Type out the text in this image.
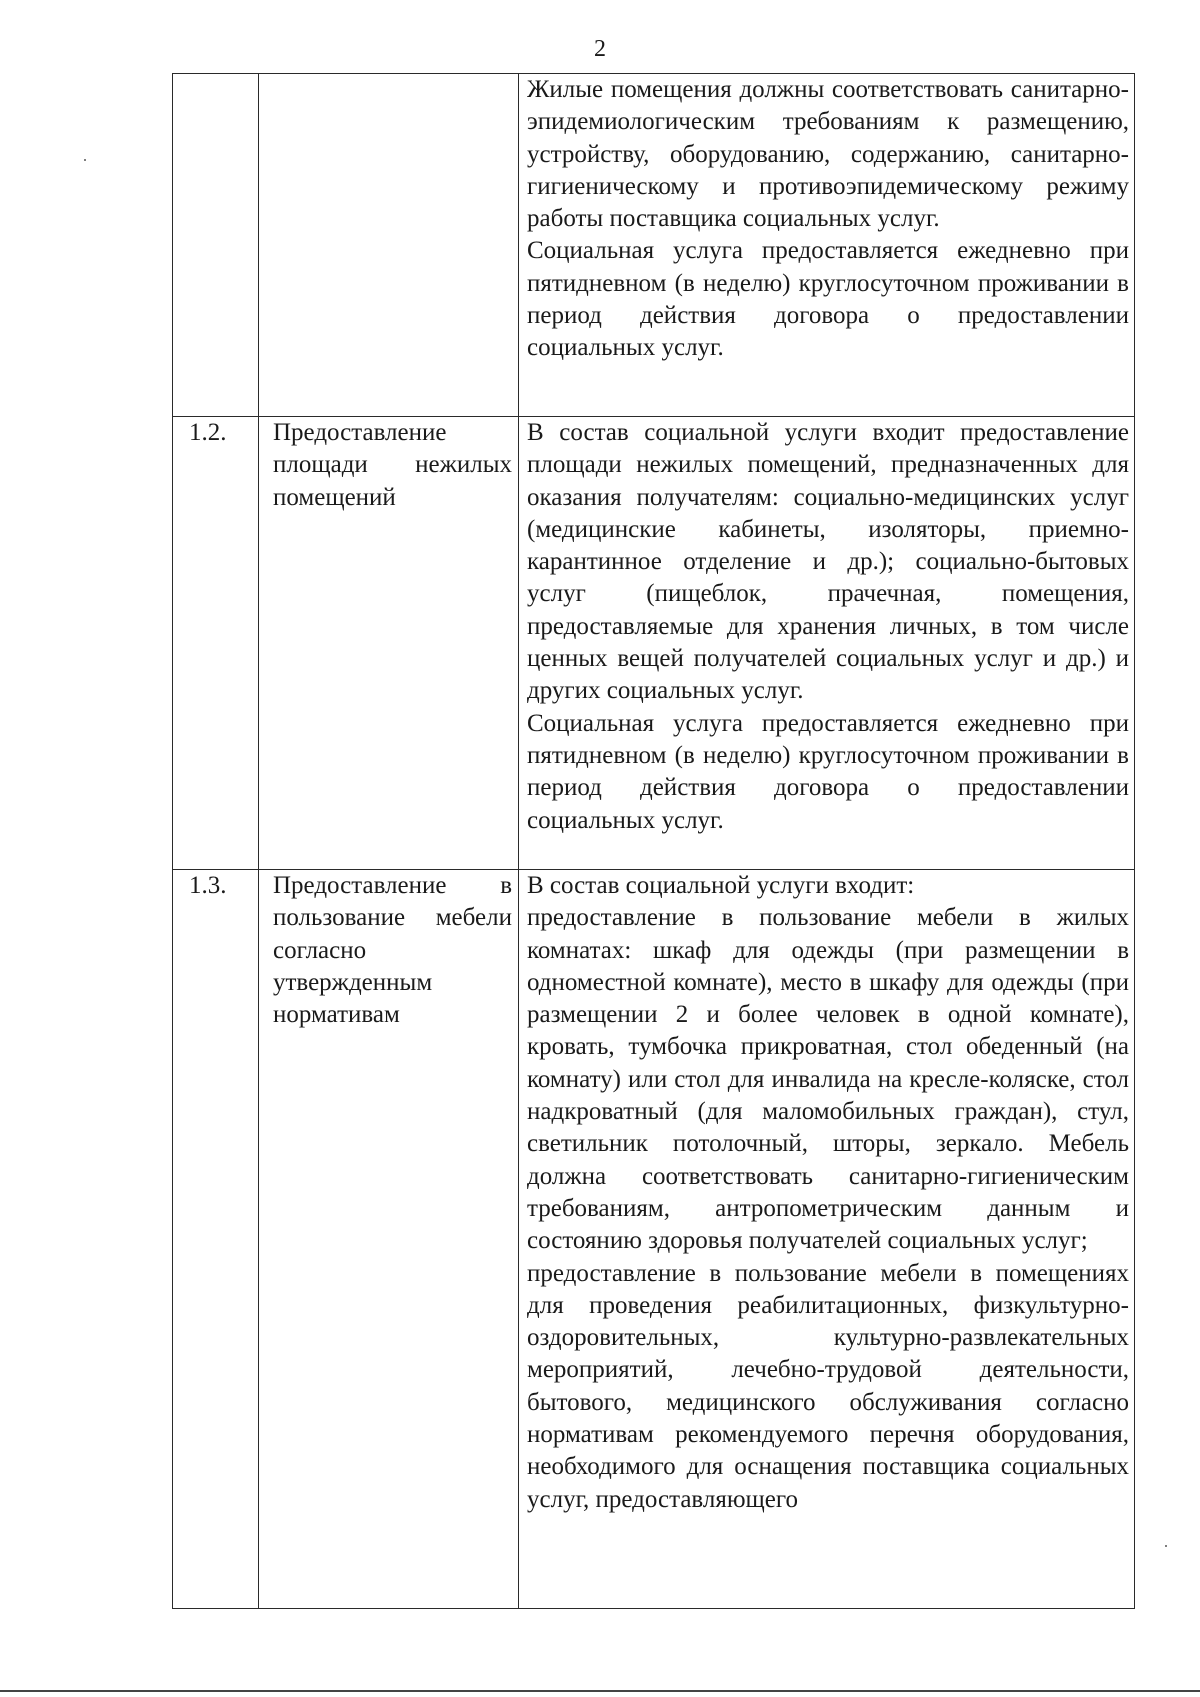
2

		Жилые помещения должны соответствовать санитарно-эпидемиологическим требованиям к размещению, устройству, оборудованию, содержанию, санитарно-гигиеническому и противоэпидемическому режиму работы поставщика социальных услуг.
Социальная услуга предоставляется ежедневно при пятидневном (в неделю) круглосуточном проживании в период действия договора о предоставлении социальных услуг.

1.2.	Предоставление площади нежилых помещений	В состав социальной услуги входит предоставление площади нежилых помещений, предназначенных для оказания получателям: социально-медицинских услуг (медицинские кабинеты, изоляторы, приемно-карантинное отделение и др.); социально-бытовых услуг (пищеблок, прачечная, помещения, предоставляемые для хранения личных, в том числе ценных вещей получателей социальных услуг и др.) и других социальных услуг.
Социальная услуга предоставляется ежедневно при пятидневном (в неделю) круглосуточном проживании в период действия договора о предоставлении социальных услуг.

1.3.	Предоставление в пользование мебели согласно утвержденным нормативам	В состав социальной услуги входит:
предоставление в пользование мебели в жилых комнатах: шкаф для одежды (при размещении в одноместной комнате), место в шкафу для одежды (при размещении 2 и более человек в одной комнате), кровать, тумбочка прикроватная, стол обеденный (на комнату) или стол для инвалида на кресле-коляске, стол надкроватный (для маломобильных граждан), стул, светильник потолочный, шторы, зеркало. Мебель должна соответствовать санитарно-гигиеническим требованиям, антропометрическим данным и состоянию здоровья получателей социальных услуг;
предоставление в пользование мебели в помещениях для проведения реабилитационных, физкультурно-оздоровительных, культурно-развлекательных мероприятий, лечебно-трудовой деятельности, бытового, медицинского обслуживания согласно нормативам рекомендуемого перечня оборудования, необходимого для оснащения поставщика социальных услуг, предоставляющего
